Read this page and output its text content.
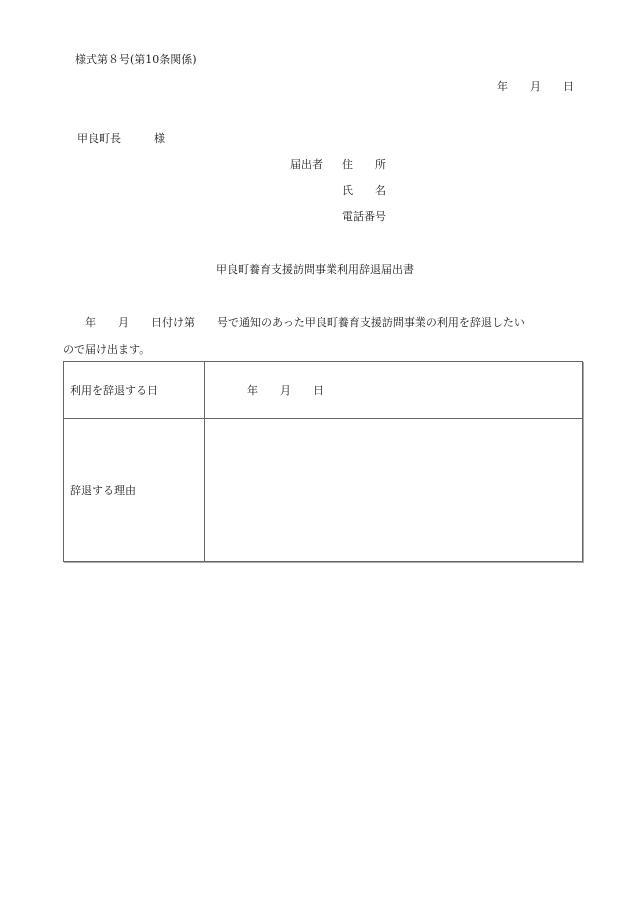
様式第８号(第10条関係)
年　　月　　日
甲良町長　　　様
届出者 住　　所
氏　　名
電話番号
甲良町養育支援訪問事業利用辞退届出書
年　　月　　日付け第　　号で通知のあった甲良町養育支援訪問事業の利用を辞退したい
ので届け出ます。
利用を辞退する日	年　　月　　日
辞退する理由
